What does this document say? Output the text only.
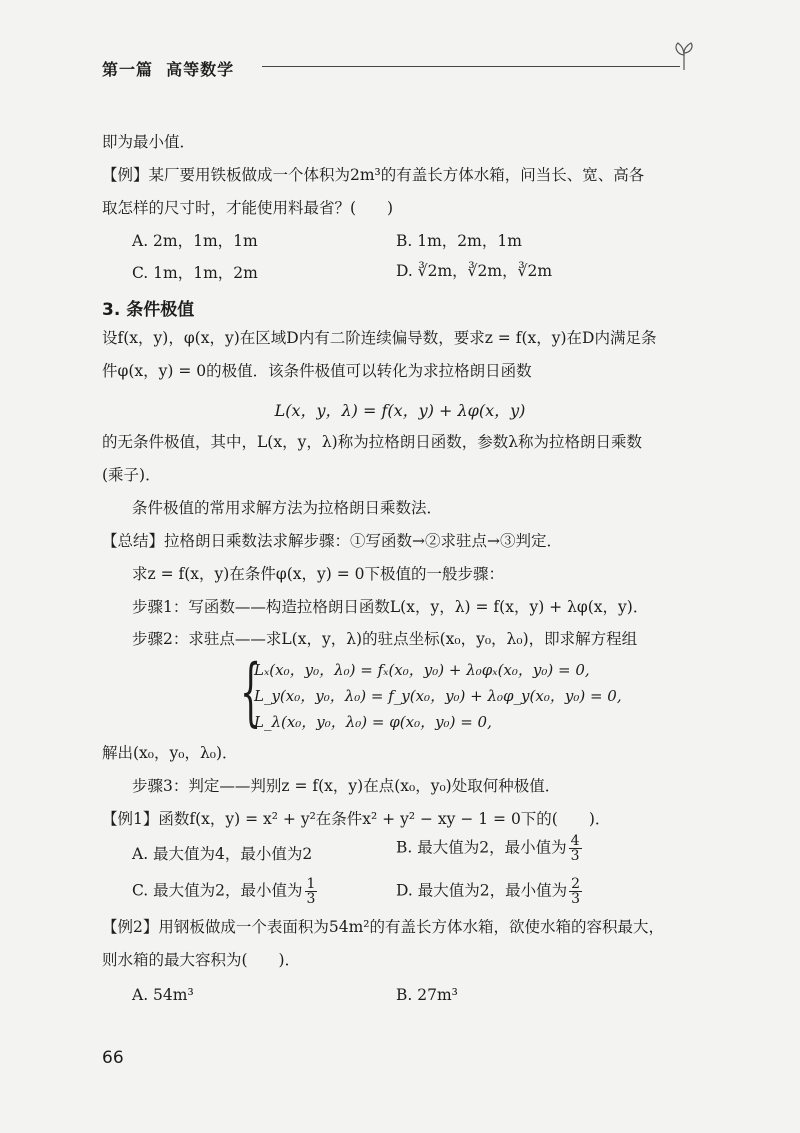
第一篇 高等数学
即为最小值．
【例】某厂要用铁板做成一个体积为2m³的有盖长方体水箱，问当长、宽、高各
取怎样的尺寸时，才能使用料最省？(　　)
A. 2m，1m，1m	B. 1m，2m，1m
C. 1m，1m，2m	D. ∛2m，∛2m，∛2m
3. 条件极值
设f(x，y)，φ(x，y)在区域D内有二阶连续偏导数，要求z = f(x，y)在D内满足条
件φ(x，y) = 0的极值．该条件极值可以转化为求拉格朗日函数
L(x，y，λ) = f(x，y) + λφ(x，y)
的无条件极值，其中，L(x，y，λ)称为拉格朗日函数，参数λ称为拉格朗日乘数
(乘子)．
条件极值的常用求解方法为拉格朗日乘数法．
【总结】拉格朗日乘数法求解步骤：①写函数→②求驻点→③判定．
求z = f(x，y)在条件φ(x，y) = 0下极值的一般步骤：
步骤1：写函数——构造拉格朗日函数L(x，y，λ) = f(x，y) + λφ(x，y)．
步骤2：求驻点——求L(x，y，λ)的驻点坐标(x₀，y₀，λ₀)，即求解方程组
{
Lₓ(x₀，y₀，λ₀) = fₓ(x₀，y₀) + λ₀φₓ(x₀，y₀) = 0,
L_y(x₀，y₀，λ₀) = f_y(x₀，y₀) + λ₀φ_y(x₀，y₀) = 0,
L_λ(x₀，y₀，λ₀) = φ(x₀，y₀) = 0,
解出(x₀，y₀，λ₀)．
步骤3：判定——判别z = f(x，y)在点(x₀，y₀)处取何种极值．
【例1】函数f(x，y) = x² + y²在条件x² + y² − xy − 1 = 0下的(　　)．
A. 最大值为4，最小值为2	B. 最大值为2，最小值为 $\frac{4}{3}$
C. 最大值为2，最小值为 $\frac{1}{3}$	D. 最大值为2，最小值为 $\frac{2}{3}$
【例2】用钢板做成一个表面积为54m²的有盖长方体水箱，欲使水箱的容积最大，
则水箱的最大容积为(　　)．
A. 54m³	B. 27m³
66
